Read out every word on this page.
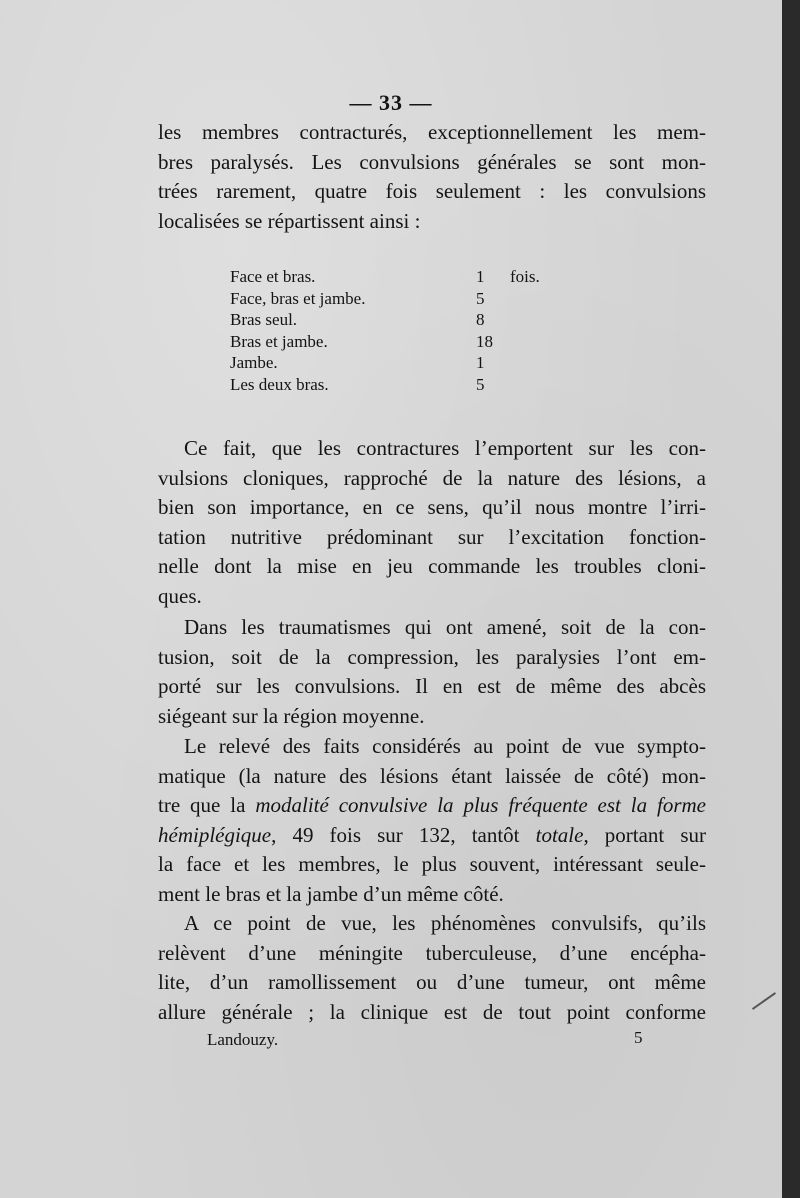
— 33 —
les membres contracturés, exceptionnellement les mem-
bres paralysés. Les convulsions générales se sont mon-
trées rarement, quatre fois seulement : les convulsions
localisées se répartissent ainsi :
Face et bras.	1	fois.
Face, bras et jambe.	5	
Bras seul.	8	
Bras et jambe.	18	
Jambe.	1	
Les deux bras.	5	
Ce fait, que les contractures l’emportent sur les con-
vulsions cloniques, rapproché de la nature des lésions, a
bien son importance, en ce sens, qu’il nous montre l’irri-
tation nutritive prédominant sur l’excitation fonction-
nelle dont la mise en jeu commande les troubles cloni-
ques.
Dans les traumatismes qui ont amené, soit de la con-
tusion, soit de la compression, les paralysies l’ont em-
porté sur les convulsions. Il en est de même des abcès
siégeant sur la région moyenne.
Le relevé des faits considérés au point de vue sympto-
matique (la nature des lésions étant laissée de côté) mon-
tre que la modalité convulsive la plus fréquente est la forme
hémiplégique, 49 fois sur 132, tantôt totale, portant sur
la face et les membres, le plus souvent, intéressant seule-
ment le bras et la jambe d’un même côté.
A ce point de vue, les phénomènes convulsifs, qu’ils
relèvent d’une méningite tuberculeuse, d’une encépha-
lite, d’un ramollissement ou d’une tumeur, ont même
allure générale ; la clinique est de tout point conforme
Landouzy.	5
